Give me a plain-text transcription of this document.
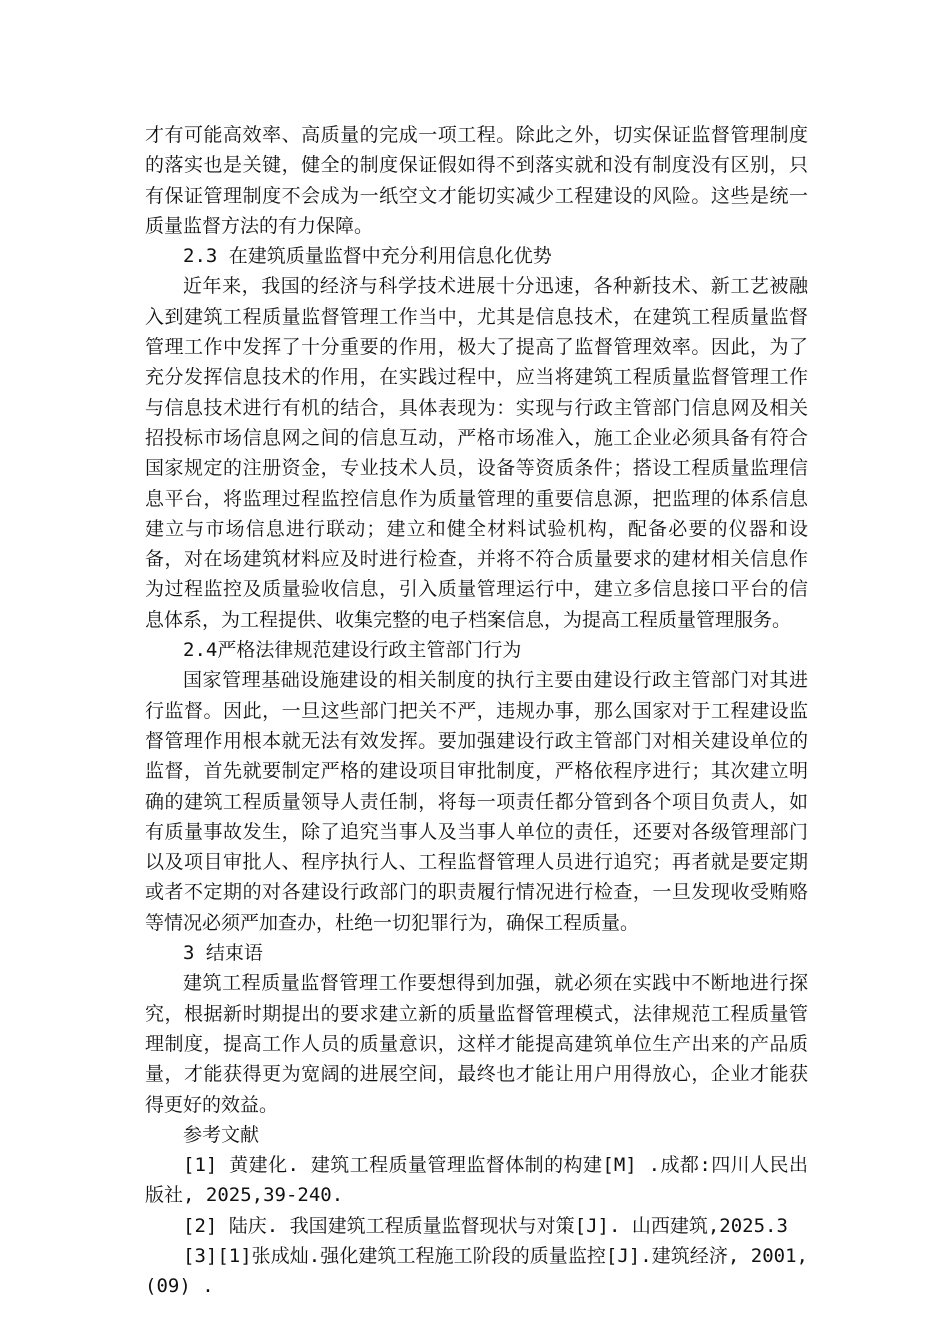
才有可能高效率、高质量的完成一项工程。除此之外，切实保证监督管理制度的落实也是关键，健全的制度保证假如得不到落实就和没有制度没有区别，只有保证管理制度不会成为一纸空文才能切实减少工程建设的风险。这些是统一质量监督方法的有力保障。

2.3 在建筑质量监督中充分利用信息化优势

近年来，我国的经济与科学技术进展十分迅速，各种新技术、新工艺被融入到建筑工程质量监督管理工作当中，尤其是信息技术，在建筑工程质量监督管理工作中发挥了十分重要的作用，极大了提高了监督管理效率。因此，为了充分发挥信息技术的作用，在实践过程中，应当将建筑工程质量监督管理工作与信息技术进行有机的结合，具体表现为：实现与行政主管部门信息网及相关招投标市场信息网之间的信息互动，严格市场准入，施工企业必须具备有符合国家规定的注册资金，专业技术人员，设备等资质条件；搭设工程质量监理信息平台，将监理过程监控信息作为质量管理的重要信息源，把监理的体系信息建立与市场信息进行联动；建立和健全材料试验机构，配备必要的仪器和设备，对在场建筑材料应及时进行检查，并将不符合质量要求的建材相关信息作为过程监控及质量验收信息，引入质量管理运行中，建立多信息接口平台的信息体系，为工程提供、收集完整的电子档案信息，为提高工程质量管理服务。

2.4严格法律规范建设行政主管部门行为

国家管理基础设施建设的相关制度的执行主要由建设行政主管部门对其进行监督。因此，一旦这些部门把关不严，违规办事，那么国家对于工程建设监督管理作用根本就无法有效发挥。要加强建设行政主管部门对相关建设单位的监督，首先就要制定严格的建设项目审批制度，严格依程序进行；其次建立明确的建筑工程质量领导人责任制，将每一项责任都分管到各个项目负责人，如有质量事故发生，除了追究当事人及当事人单位的责任，还要对各级管理部门以及项目审批人、程序执行人、工程监督管理人员进行追究；再者就是要定期或者不定期的对各建设行政部门的职责履行情况进行检查，一旦发现收受贿赂等情况必须严加查办，杜绝一切犯罪行为，确保工程质量。

3 结束语

建筑工程质量监督管理工作要想得到加强，就必须在实践中不断地进行探究，根据新时期提出的要求建立新的质量监督管理模式，法律规范工程质量管理制度，提高工作人员的质量意识，这样才能提高建筑单位生产出来的产品质量，才能获得更为宽阔的进展空间，最终也才能让用户用得放心，企业才能获得更好的效益。

参考文献

[1] 黄建化. 建筑工程质量管理监督体制的构建[M] .成都:四川人民出版社, 2025,39-240.

[2] 陆庆. 我国建筑工程质量监督现状与对策[J]. 山西建筑,2025.3

[3][1]张成灿.强化建筑工程施工阶段的质量监控[J].建筑经济, 2001,(09) .
